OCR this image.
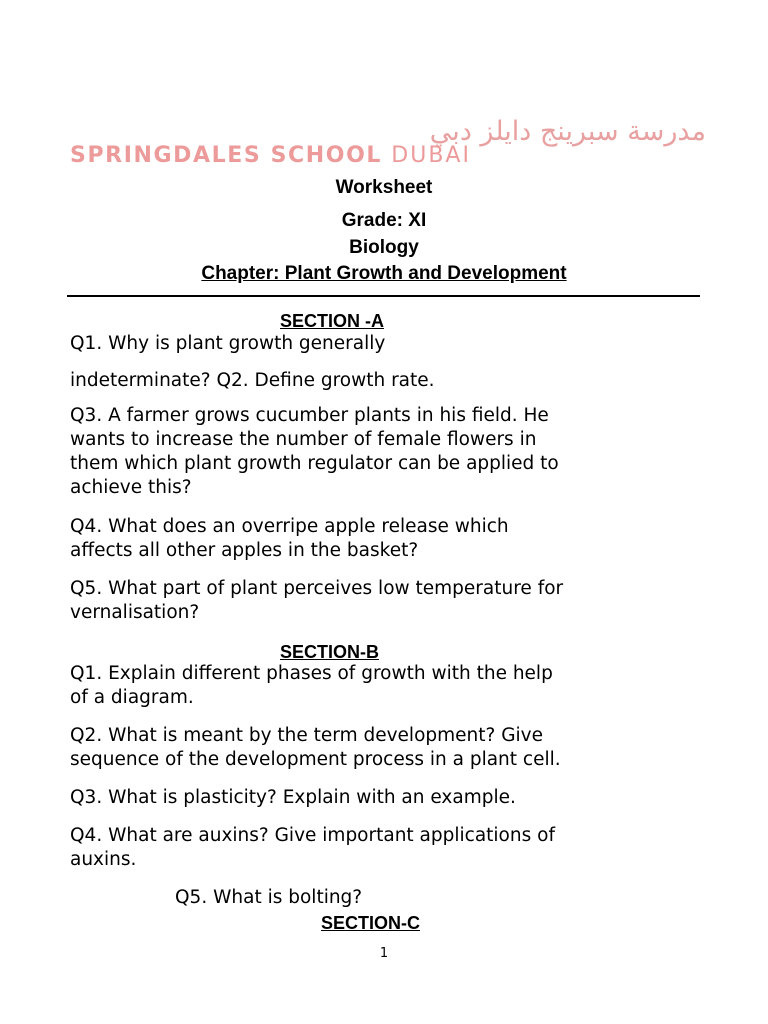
مدرسة سبرينج دايلز دبي
SPRINGDALES SCHOOL DUBAI
Worksheet
Grade: XI
Biology
Chapter: Plant Growth and Development
SECTION -A
Q1. Why is plant growth generally
indeterminate? Q2. Define growth rate.
Q3. A farmer grows cucumber plants in his field. He
wants to increase the number of female flowers in
them which plant growth regulator can be applied to
achieve this?
Q4. What does an overripe apple release which
affects all other apples in the basket?
Q5. What part of plant perceives low temperature for
vernalisation?
SECTION-B
Q1. Explain different phases of growth with the help
of a diagram.
Q2. What is meant by the term development? Give
sequence of the development process in a plant cell.
Q3. What is plasticity? Explain with an example.
Q4. What are auxins? Give important applications of
auxins.
Q5. What is bolting?
SECTION-C
1
